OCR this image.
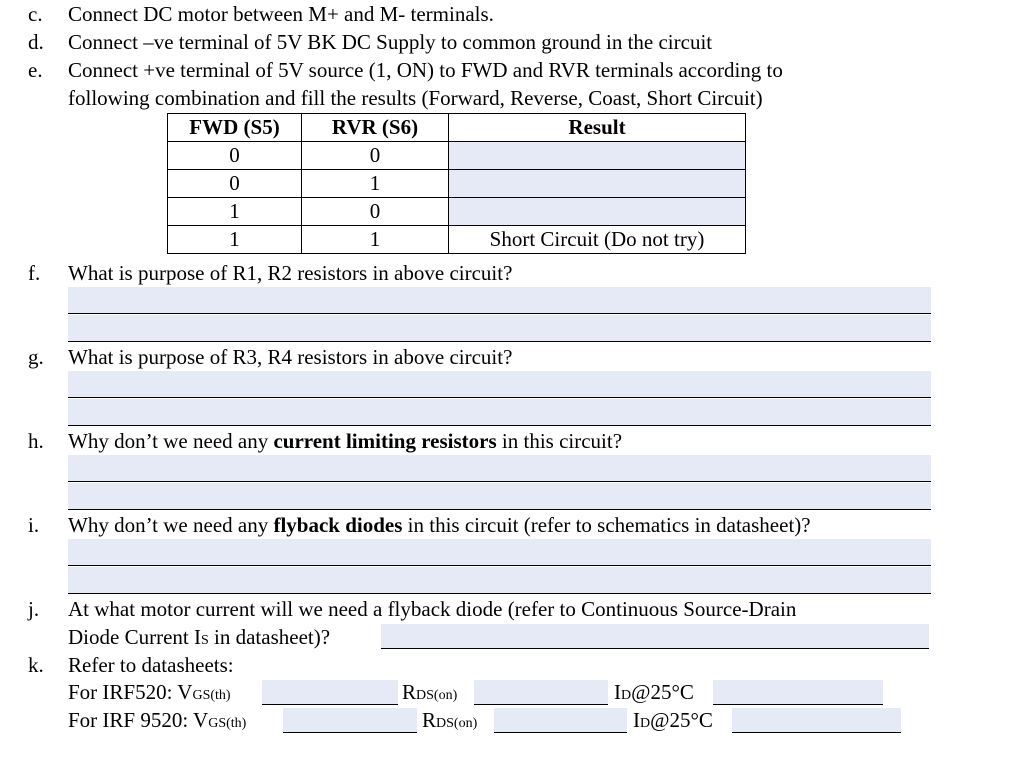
c. Connect DC motor between M+ and M- terminals.
d. Connect –ve terminal of 5V BK DC Supply to common ground in the circuit
e. Connect +ve terminal of 5V source (1, ON) to FWD and RVR terminals according to
following combination and fill the results (Forward, Reverse, Coast, Short Circuit)
FWD (S5)	RVR (S6)	Result
0	0	
0	1	
1	0	
1	1	Short Circuit (Do not try)
f. What is purpose of R1, R2 resistors in above circuit?
g. What is purpose of R3, R4 resistors in above circuit?
h. Why don’t we need any current limiting resistors in this circuit?
i. Why don’t we need any flyback diodes in this circuit (refer to schematics in datasheet)?
j. At what motor current will we need a flyback diode (refer to Continuous Source-Drain
Diode Current IS in datasheet)?
k. Refer to datasheets:
For IRF520: VGS(th)	RDS(on)	ID@25°C
For IRF 9520: VGS(th)	RDS(on)	ID@25°C
